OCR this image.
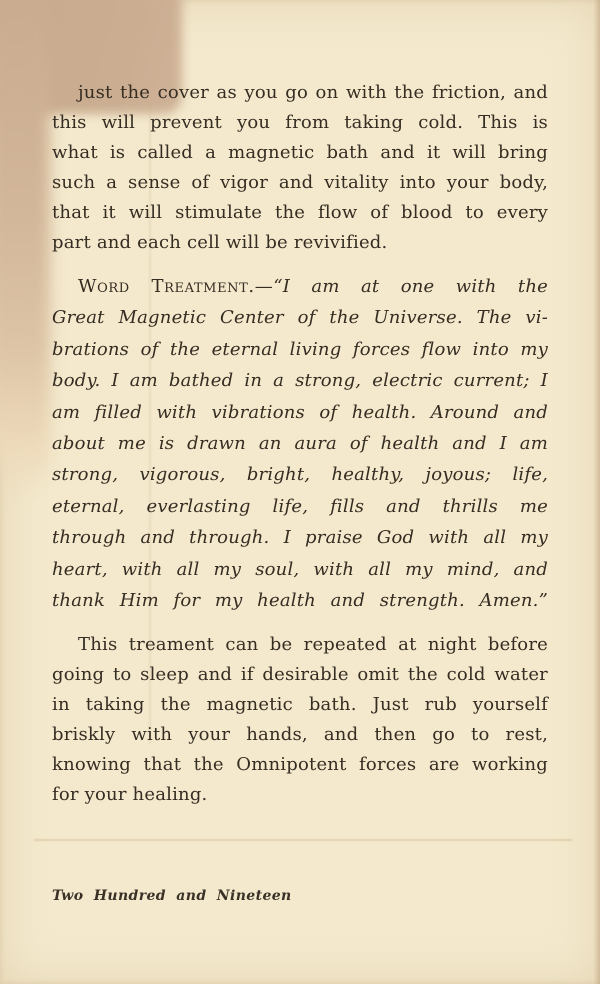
just the cover as you go on with the friction, and
this will prevent you from taking cold. This is
what is called a magnetic bath and it will bring
such a sense of vigor and vitality into your body,
that it will stimulate the flow of blood to every
part and each cell will be revivified.
Word Treatment.—“I am at one with the
Great Magnetic Center of the Universe. The vi-
brations of the eternal living forces flow into my
body. I am bathed in a strong, electric current; I
am filled with vibrations of health. Around and
about me is drawn an aura of health and I am
strong, vigorous, bright, healthy, joyous; life,
eternal, everlasting life, fills and thrills me
through and through. I praise God with all my
heart, with all my soul, with all my mind, and
thank Him for my health and strength. Amen.”
This treament can be repeated at night before
going to sleep and if desirable omit the cold water
in taking the magnetic bath. Just rub yourself
briskly with your hands, and then go to rest,
knowing that the Omnipotent forces are working
for your healing.
Two Hundred and Nineteen
